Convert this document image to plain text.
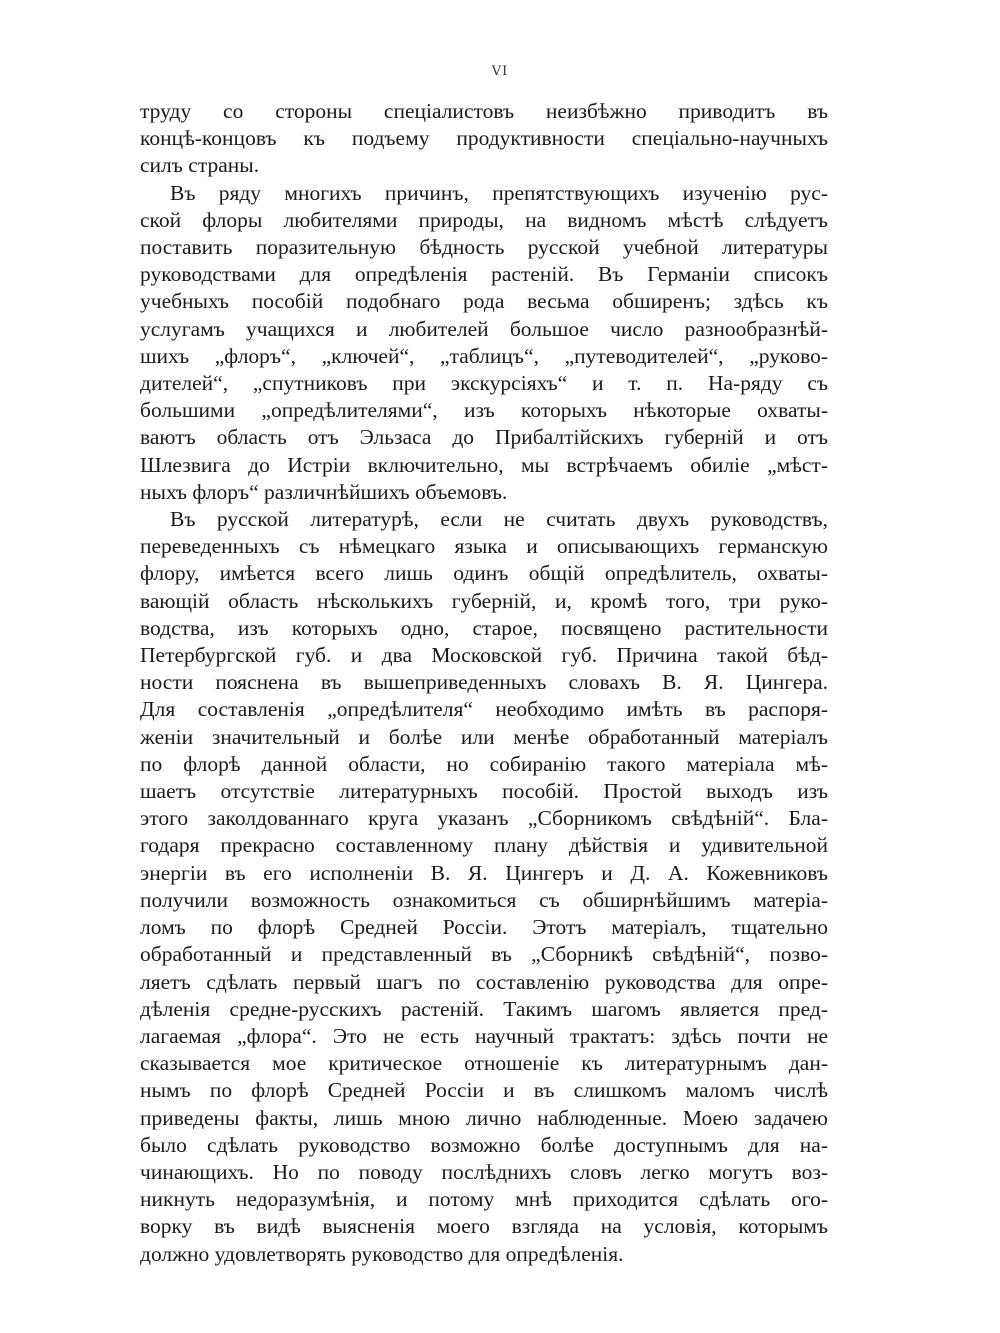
VI
труду со стороны спецiалистовъ неизбѣжно приводитъ въ
концѣ-концовъ къ подъему продуктивности спецiально-научныхъ
силъ страны.
Въ ряду многихъ причинъ, препятствующихъ изученiю рус-
ской флоры любителями природы, на видномъ мѣстѣ слѣдуетъ
поставить поразительную бѣдность русской учебной литературы
руководствами для опредѣленiя растенiй. Въ Германiи списокъ
учебныхъ пособiй подобнаго рода весьма обширенъ; здѣсь къ
услугамъ учащихся и любителей большое число разнообразнѣй-
шихъ „флоръ“, „ключей“, „таблицъ“, „путеводителей“, „руково-
дителей“, „спутниковъ при экскурсiяхъ“ и т. п. На-ряду съ
большими „опредѣлителями“, изъ которыхъ нѣкоторые охваты-
ваютъ область отъ Эльзаса до Прибалтiйскихъ губернiй и отъ
Шлезвига до Истрiи включительно, мы встрѣчаемъ обилiе „мѣст-
ныхъ флоръ“ различнѣйшихъ объемовъ.
Въ русской литературѣ, если не считать двухъ руководствъ,
переведенныхъ съ нѣмецкаго языка и описывающихъ германскую
флору, имѣется всего лишь одинъ общiй опредѣлитель, охваты-
вающiй область нѣсколькихъ губернiй, и, кромѣ того, три руко-
водства, изъ которыхъ одно, старое, посвящено растительности
Петербургской губ. и два Московской губ. Причина такой бѣд-
ности пояснена въ вышеприведенныхъ словахъ В. Я. Цингера.
Для составленiя „опредѣлителя“ необходимо имѣть въ распоря-
женiи значительный и болѣе или менѣе обработанный матерiалъ
по флорѣ данной области, но собиранiю такого матерiала мѣ-
шаетъ отсутствiе литературныхъ пособiй. Простой выходъ изъ
этого заколдованнаго круга указанъ „Сборникомъ свѣдѣнiй“. Бла-
годаря прекрасно составленному плану дѣйствiя и удивительной
энергiи въ его исполненiи В. Я. Цингеръ и Д. А. Кожевниковъ
получили возможность ознакомиться съ обширнѣйшимъ матерiа-
ломъ по флорѣ Средней Россiи. Этотъ матерiалъ, тщательно
обработанный и представленный въ „Сборникѣ свѣдѣнiй“, позво-
ляетъ сдѣлать первый шагъ по составленiю руководства для опре-
дѣленiя средне-русскихъ растенiй. Такимъ шагомъ является пред-
лагаемая „флора“. Это не есть научный трактатъ: здѣсь почти не
сказывается мое критическое отношенiе къ литературнымъ дан-
нымъ по флорѣ Средней Россiи и въ слишкомъ маломъ числѣ
приведены факты, лишь мною лично наблюденные. Моею задачею
было сдѣлать руководство возможно болѣе доступнымъ для на-
чинающихъ. Но по поводу послѣднихъ словъ легко могутъ воз-
никнуть недоразумѣнiя, и потому мнѣ приходится сдѣлать ого-
ворку въ видѣ выясненiя моего взгляда на условiя, которымъ
должно удовлетворять руководство для опредѣленiя.
